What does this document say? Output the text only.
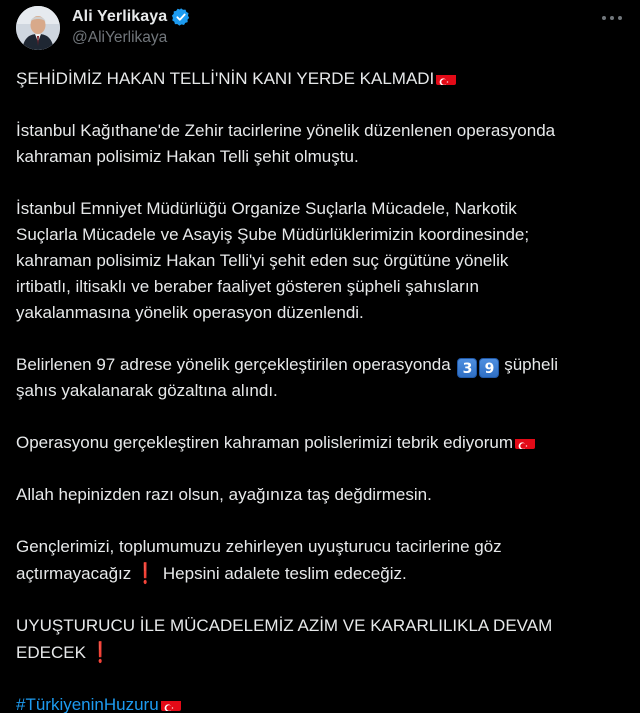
Ali Yerlikaya
@AliYerlikaya
ŞEHİDİMİZ HAKAN TELLİ'NİN KANI YERDE KALMADI
İstanbul Kağıthane'de Zehir tacirlerine yönelik düzenlenen operasyonda
kahraman polisimiz Hakan Telli şehit olmuştu.
İstanbul Emniyet Müdürlüğü Organize Suçlarla Mücadele, Narkotik
Suçlarla Mücadele ve Asayiş Şube Müdürlüklerimizin koordinesinde;
kahraman polisimiz Hakan Telli'yi şehit eden suç örgütüne yönelik
irtibatlı, iltisaklı ve beraber faaliyet gösteren şüpheli şahısların
yakalanmasına yönelik operasyon düzenlendi.
Belirlenen 97 adrese yönelik gerçekleştirilen operasyonda 3 9 şüpheli
şahıs yakalanarak gözaltına alındı.
Operasyonu gerçekleştiren kahraman polislerimizi tebrik ediyorum
Allah hepinizden razı olsun, ayağınıza taş değdirmesin.
Gençlerimizi, toplumumuzu zehirleyen uyuşturucu tacirlerine göz
açtırmayacağız ❗ Hepsini adalete teslim edeceğiz.
UYUŞTURUCU İLE MÜCADELEMİZ AZİM VE KARARLILIKLA DEVAM
EDECEK ❗
#TürkiyeninHuzuru
